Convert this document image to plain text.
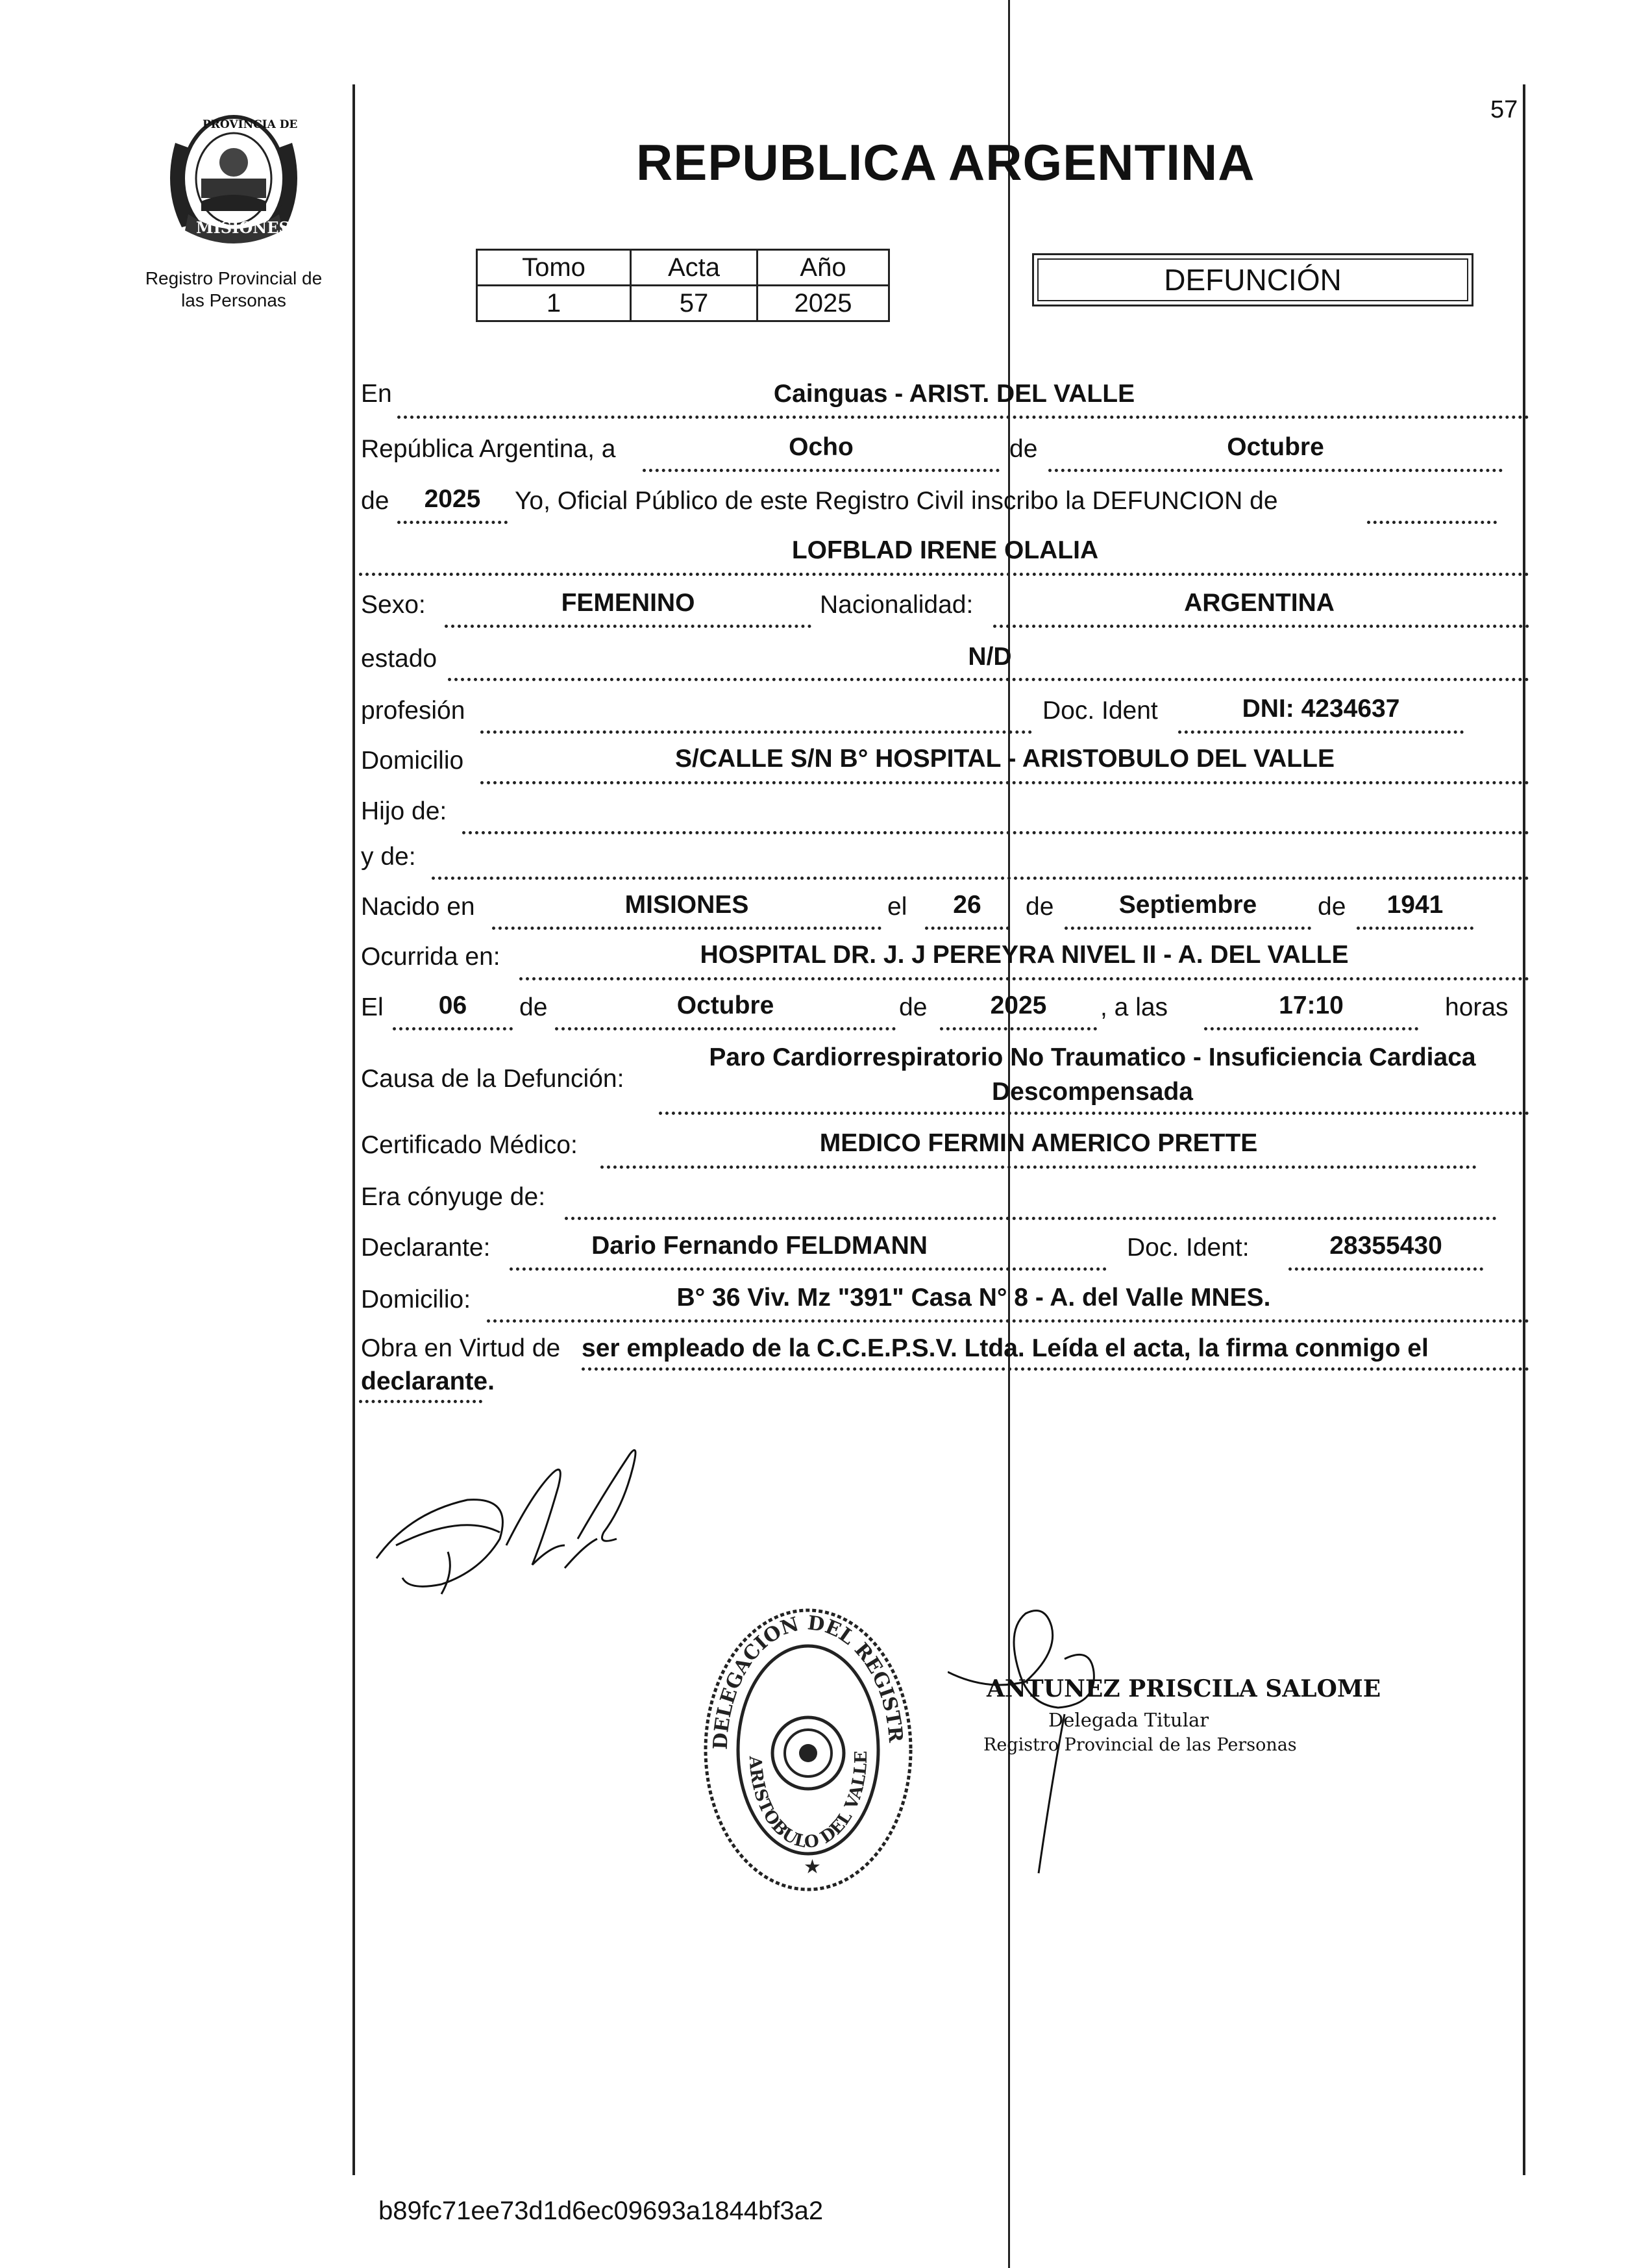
57
PROVINCIA DE
MISIONES
Registro Provincial de
las Personas
REPUBLICA ARGENTINA
Tomo	Acta	Año
1	57	2025
DEFUNCIÓN
En	Cainguas - ARIST. DEL VALLE
República Argentina, a	Ocho	de	Octubre
de	2025	Yo, Oficial Público de este Registro Civil inscribo la DEFUNCION de
LOFBLAD IRENE OLALIA
Sexo:	FEMENINO	Nacionalidad:	ARGENTINA
estado	N/D
profesión	Doc. Ident	DNI: 4234637
Domicilio	S/CALLE S/N B° HOSPITAL - ARISTOBULO DEL VALLE
Hijo de:
y de:
Nacido en	MISIONES	el	26	de	Septiembre	de	1941
Ocurrida en:	HOSPITAL DR. J. J PEREYRA NIVEL II - A. DEL VALLE
El	06	de	Octubre	de	2025	, a las	17:10	horas
Causa de la Defunción:
Paro Cardiorrespiratorio No Traumatico - Insuficiencia Cardiaca
Descompensada
Certificado Médico:	MEDICO FERMIN AMERICO PRETTE
Era cónyuge de:
Declarante:	Dario Fernando FELDMANN	Doc. Ident:	28355430
Domicilio:	B° 36 Viv. Mz "391" Casa N° 8 - A. del Valle MNES.
Obra en Virtud de ser empleado de la C.C.E.P.S.V. Ltda. Leída el acta, la firma conmigo el
declarante.
DELEGACION DEL REGISTR
ARISTOBULO DEL VALLE
★
ANTUNEZ PRISCILA SALOME
Delegada Titular
Registro Provincial de las Personas
b89fc71ee73d1d6ec09693a1844bf3a2
